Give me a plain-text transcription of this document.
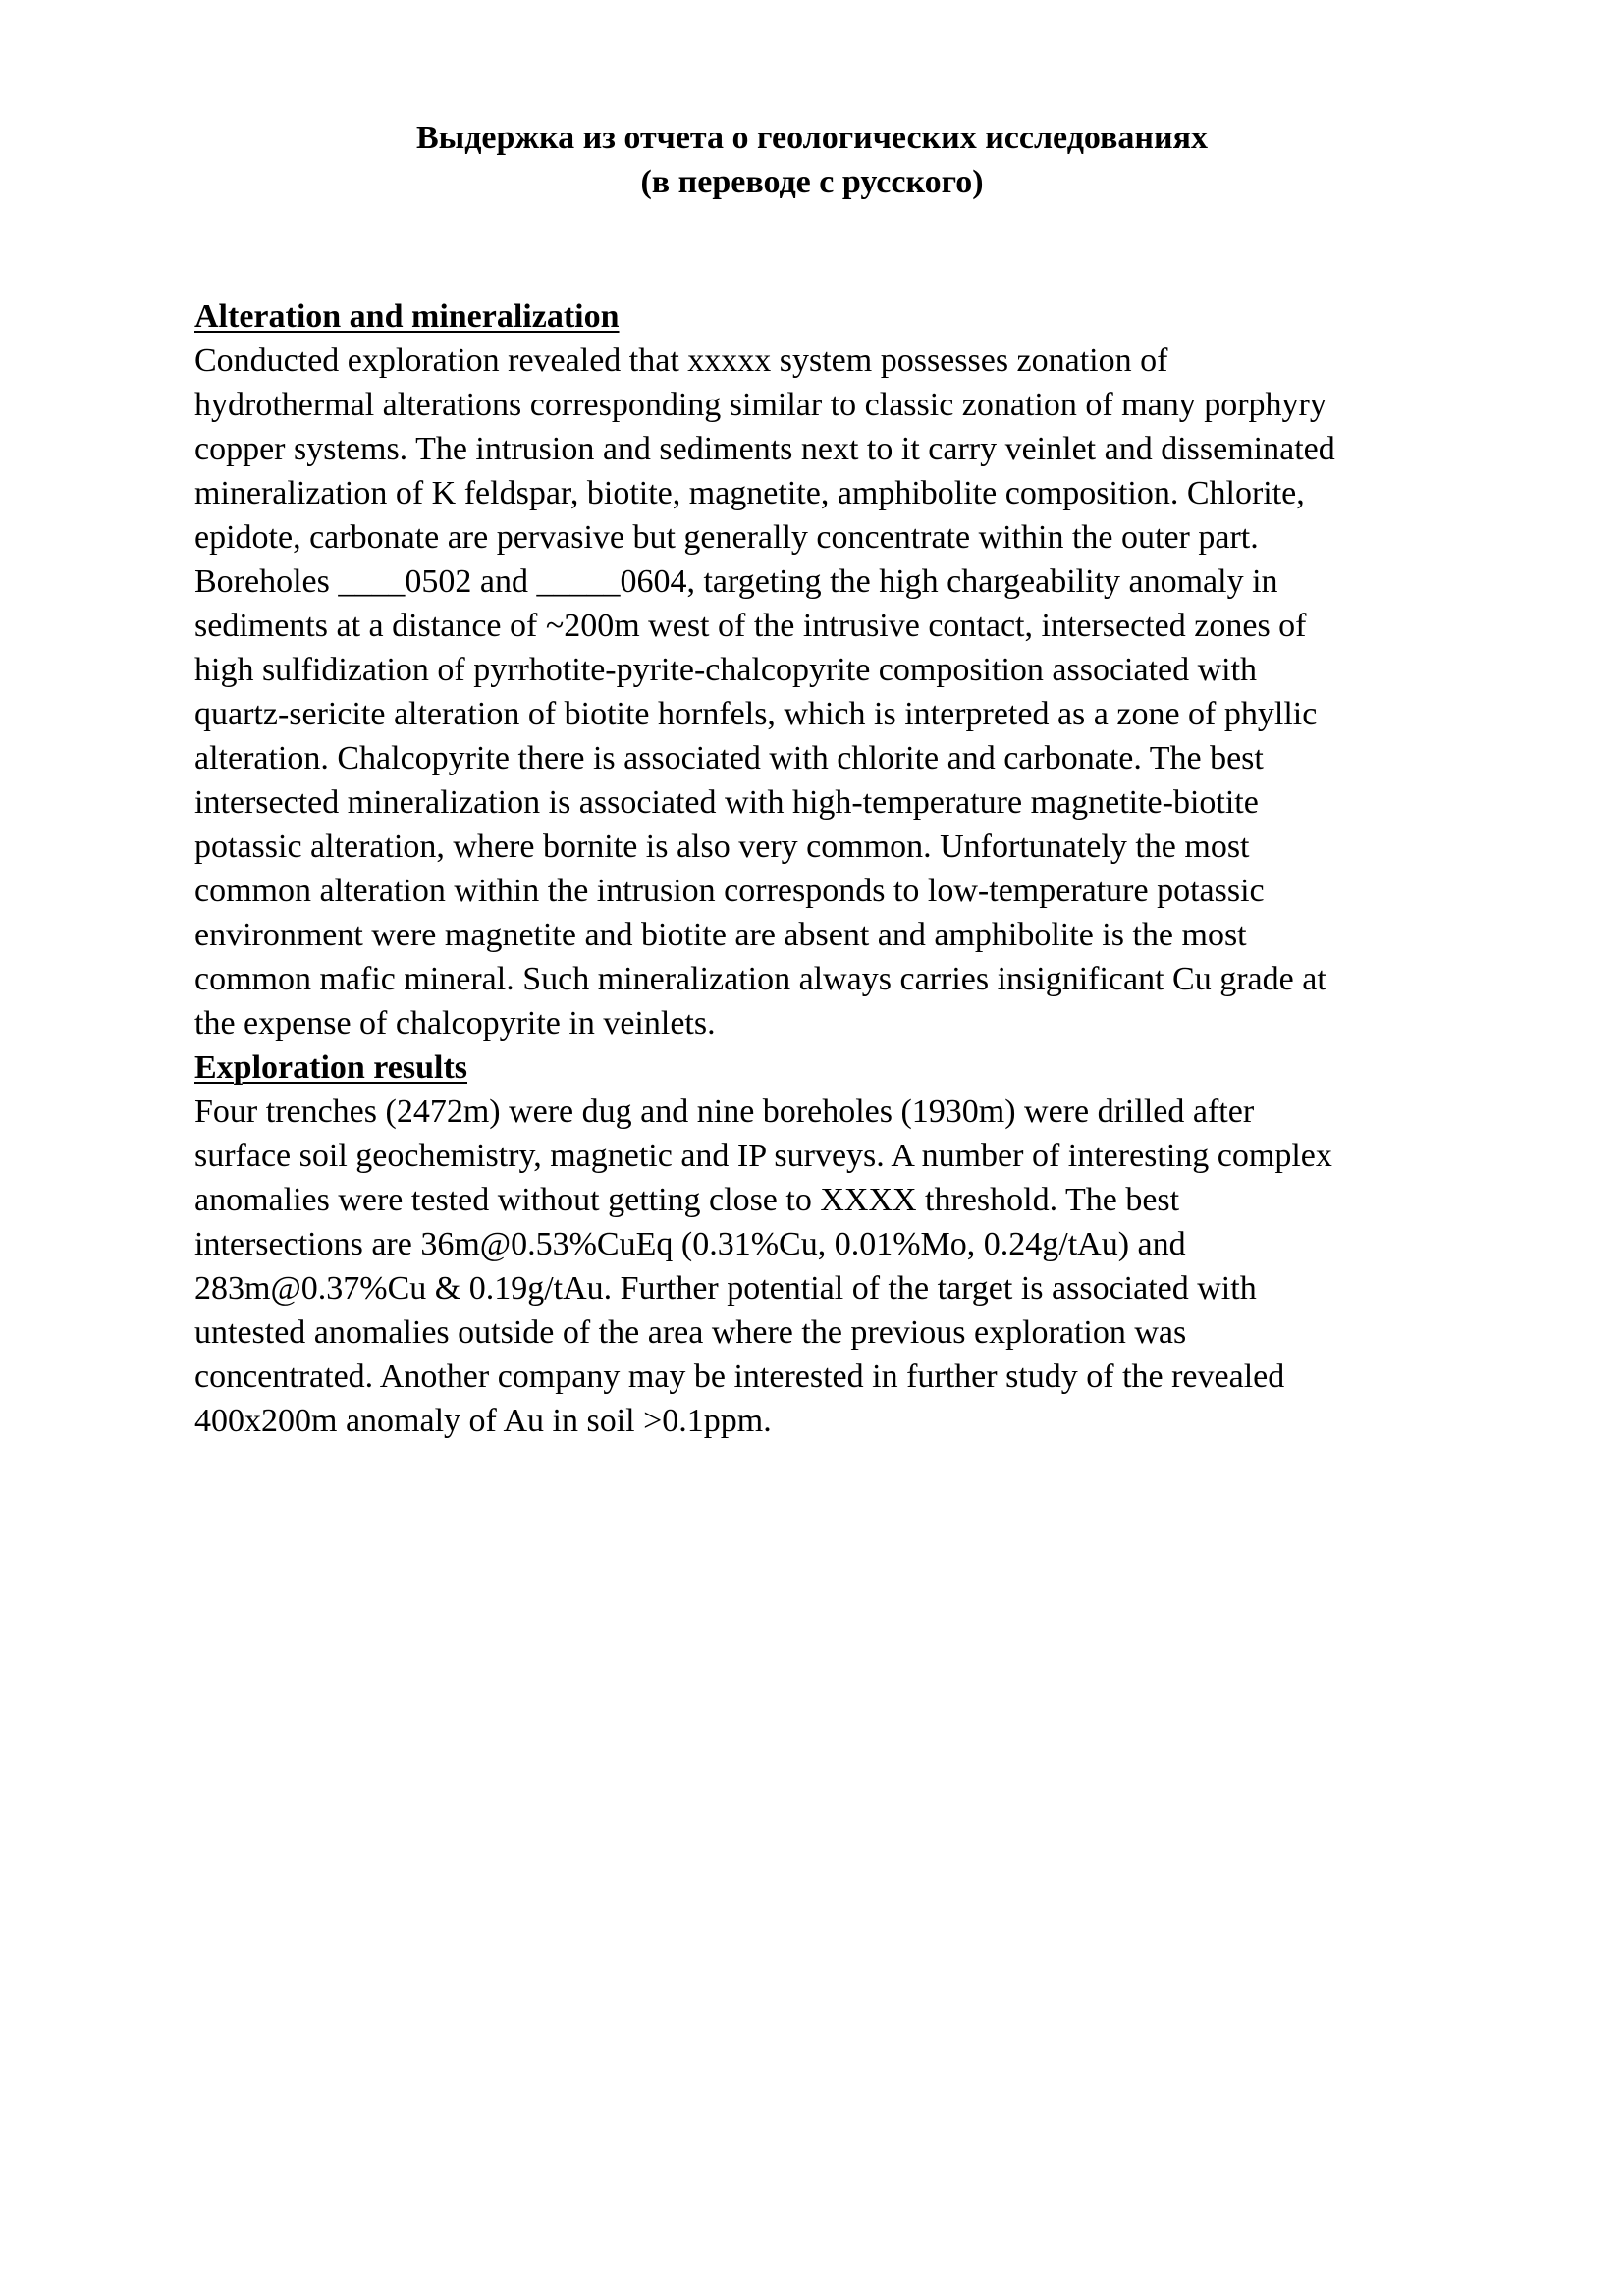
Выдержка из отчета о геологических исследованиях
(в переводе с русского)
Alteration and mineralization
Conducted exploration revealed that xxxxx system possesses zonation of
hydrothermal alterations corresponding similar to classic zonation of many porphyry
copper systems. The intrusion and sediments next to it carry veinlet and disseminated
mineralization of K feldspar, biotite, magnetite, amphibolite composition. Chlorite,
epidote, carbonate are pervasive but generally concentrate within the outer part.
Boreholes ____0502 and _____0604, targeting the high chargeability anomaly in
sediments at a distance of ~200m west of the intrusive contact, intersected zones of
high sulfidization of pyrrhotite-pyrite-chalcopyrite composition associated with
quartz-sericite alteration of biotite hornfels, which is interpreted as a zone of phyllic
alteration. Chalcopyrite there is associated with chlorite and carbonate. The best
intersected mineralization is associated with high-temperature magnetite-biotite
potassic alteration, where bornite is also very common. Unfortunately the most
common alteration within the intrusion corresponds to low-temperature potassic
environment were magnetite and biotite are absent and amphibolite is the most
common mafic mineral. Such mineralization always carries insignificant Cu grade at
the expense of chalcopyrite in veinlets.
Exploration results
Four trenches (2472m) were dug and nine boreholes (1930m) were drilled after
surface soil geochemistry, magnetic and IP surveys. A number of interesting complex
anomalies were tested without getting close to XXXX threshold. The best
intersections are 36m@0.53%CuEq (0.31%Cu, 0.01%Mo, 0.24g/tAu) and
283m@0.37%Cu & 0.19g/tAu. Further potential of the target is associated with
untested anomalies outside of the area where the previous exploration was
concentrated. Another company may be interested in further study of the revealed
400x200m anomaly of Au in soil >0.1ppm.
